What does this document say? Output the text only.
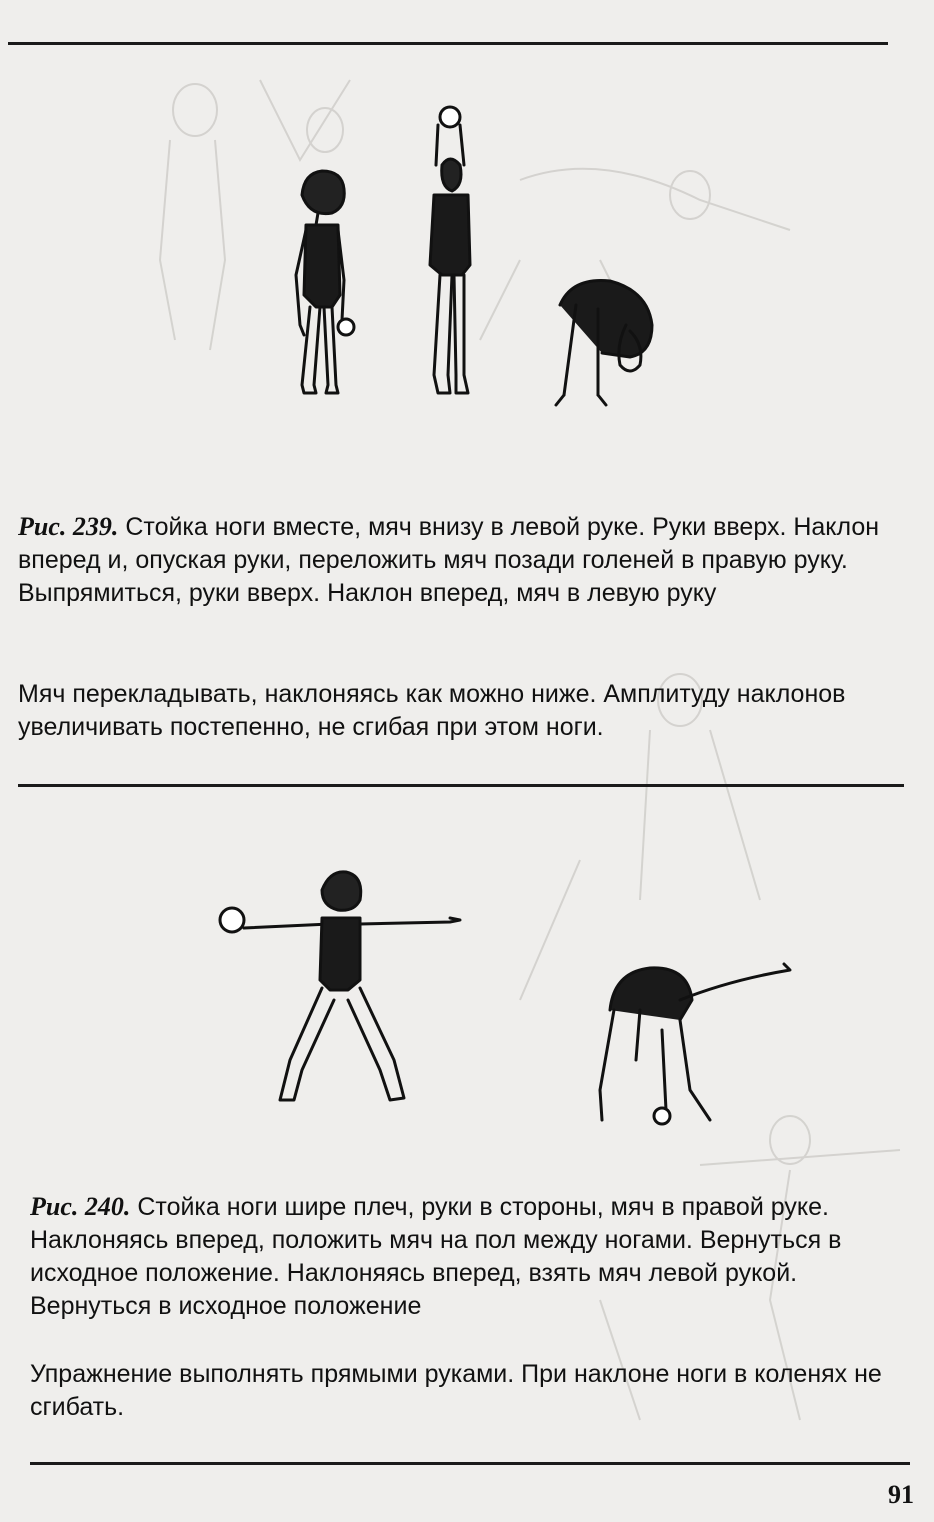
Рис. 239. Стойка ноги вместе, мяч внизу в левой руке. Руки вверх. Наклон вперед и, опуская руки, переложить мяч позади голеней в правую руку. Выпрямиться, руки вверх. Наклон вперед, мяч в левую руку

Мяч перекладывать, наклоняясь как можно ниже. Амплитуду наклонов увеличивать постепенно, не сгибая при этом ноги.

Рис. 240. Стойка ноги шире плеч, руки в стороны, мяч в правой руке. Наклоняясь вперед, положить мяч на пол между ногами. Вернуться в исходное положение. Наклоняясь вперед, взять мяч левой рукой. Вернуться в исходное положение

Упражнение выполнять прямыми руками. При наклоне ноги в коленях не сгибать.

91
